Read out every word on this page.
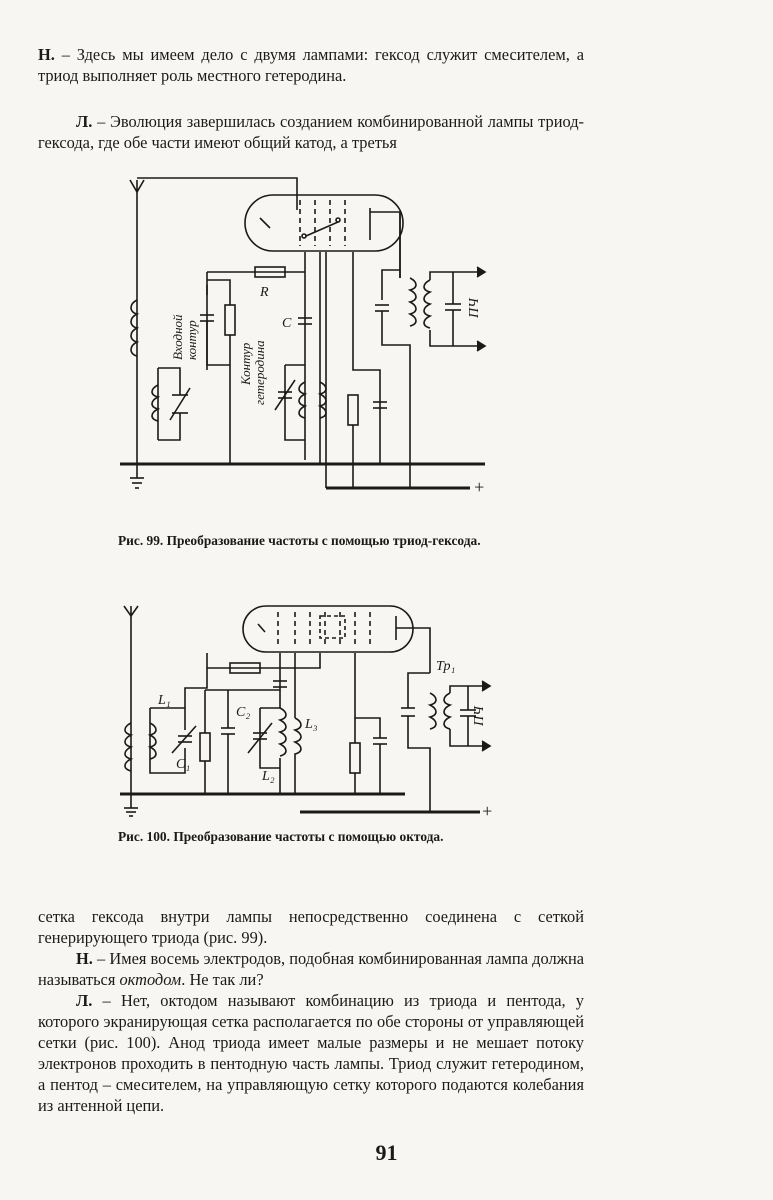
Н. – Здесь мы имеем дело с двумя лампами: гексод служит смесителем, а триод выполняет роль местного гетеродина.

Л. – Эволюция завершилась созданием комбинированной лампы триод-гексода, где обе части имеют общий катод, а третья

Входной контур
Контур гетеродина
R
C
ПЧ
+

Рис. 99. Преобразование частоты с помощью триод-гексода.

L₁
C₁
C₂
L₂
L₃
Тр₁
ПЧ
+

Рис. 100. Преобразование частоты с помощью октода.

сетка гексода внутри лампы непосредственно соединена с сеткой генерирующего триода (рис. 99).

Н. – Имея восемь электродов, подобная комбинированная лампа должна называться октодом. Не так ли?

Л. – Нет, октодом называют комбинацию из триода и пентода, у которого экранирующая сетка располагается по обе стороны от управляющей сетки (рис. 100). Анод триода имеет малые размеры и не мешает потоку электронов проходить в пентодную часть лампы. Триод служит гетеродином, а пентод – смесителем, на управляющую сетку которого подаются колебания из антенной цепи.

91
